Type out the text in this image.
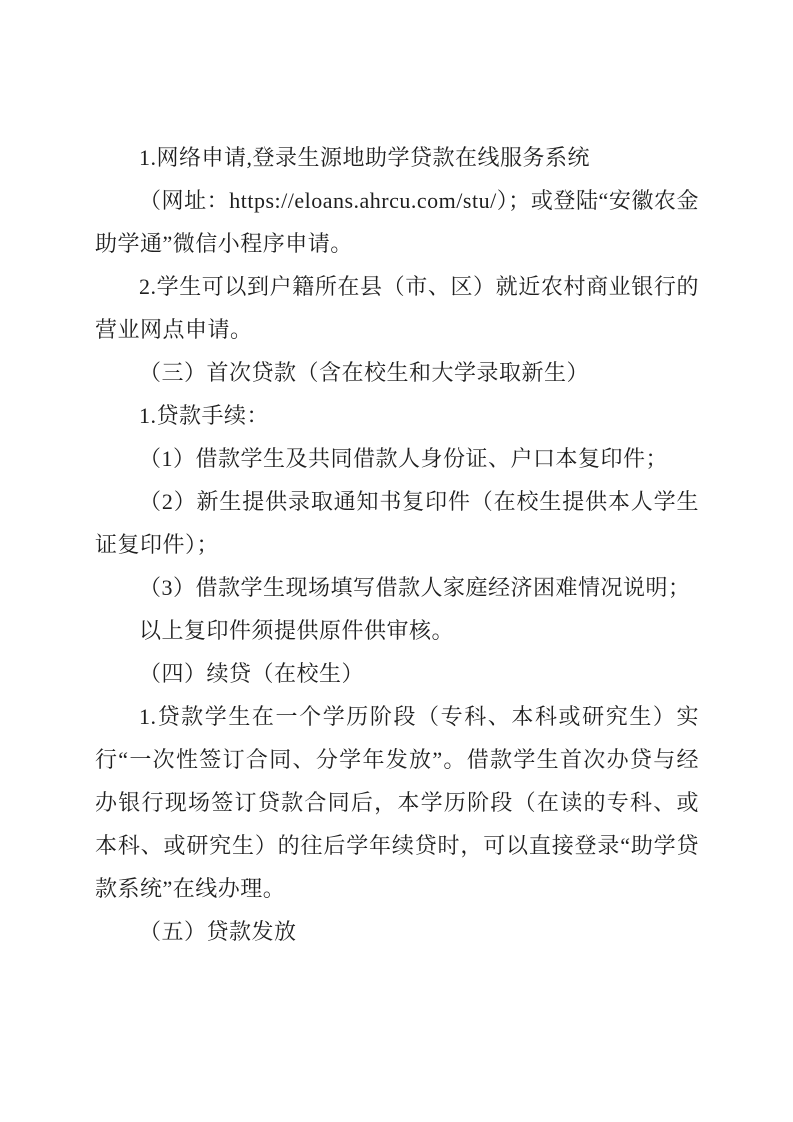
1.网络申请,登录生源地助学贷款在线服务系统

（网址：https://eloans.ahrcu.com/stu/）；或登陆“安徽农金助学通”微信小程序申请。

2.学生可以到户籍所在县（市、区）就近农村商业银行的营业网点申请。

（三）首次贷款（含在校生和大学录取新生）

1.贷款手续：

（1）借款学生及共同借款人身份证、户口本复印件；

（2）新生提供录取通知书复印件（在校生提供本人学生证复印件）；

（3）借款学生现场填写借款人家庭经济困难情况说明；

以上复印件须提供原件供审核。

（四）续贷（在校生）

1.贷款学生在一个学历阶段（专科、本科或研究生）实行“一次性签订合同、分学年发放”。借款学生首次办贷与经办银行现场签订贷款合同后，本学历阶段（在读的专科、或本科、或研究生）的往后学年续贷时，可以直接登录“助学贷款系统”在线办理。

（五）贷款发放
